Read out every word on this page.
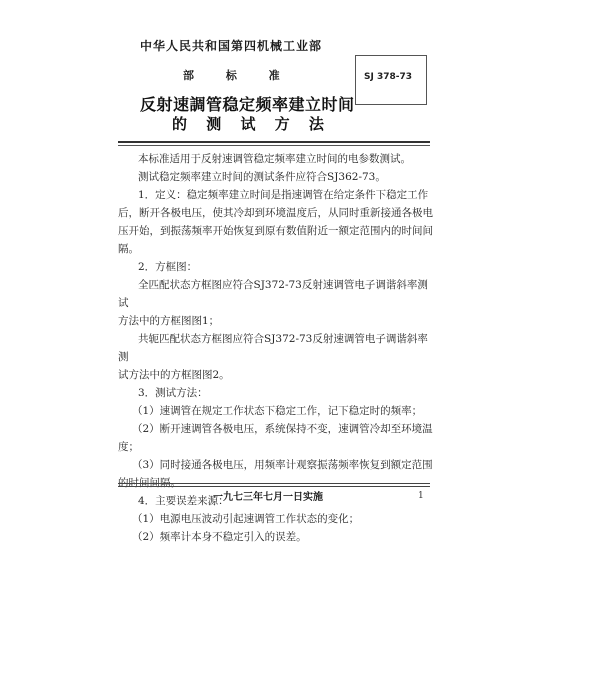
中华人民共和国第四机械工业部
部 标 准
反射速調管稳定频率建立时间
的 测 试 方 法
SJ 378-73

本标准适用于反射速调管稳定频率建立时间的电参数测试。

测试稳定频率建立时间的测试条件应符合SJ362-73。

1．定义：稳定频率建立时间是指速调管在给定条件下稳定工作

后，断开各极电压，使其冷却到环境温度后，从同时重新接通各极电

压开始，到振荡频率开始恢复到原有数值附近一额定范围内的时间间

隔。

2．方框图：

全匹配状态方框图应符合SJ372-73反射速调管电子调谐斜率测试

方法中的方框图图1；

共轭匹配状态方框图应符合SJ372-73反射速调管电子调谐斜率测

试方法中的方框图图2。

3．测试方法：

（1）速调管在规定工作状态下稳定工作，记下稳定时的频率；

（2）断开速调管各极电压，系统保持不变，速调管冷却至环境温

度；

（3）同时接通各极电压，用频率计观察振荡频率恢复到额定范围

的时间间隔。

4．主要误差来源：

（1）电源电压波动引起速调管工作状态的变化；

（2）频率计本身不稳定引入的误差。

一九七三年七月一日实施	1
